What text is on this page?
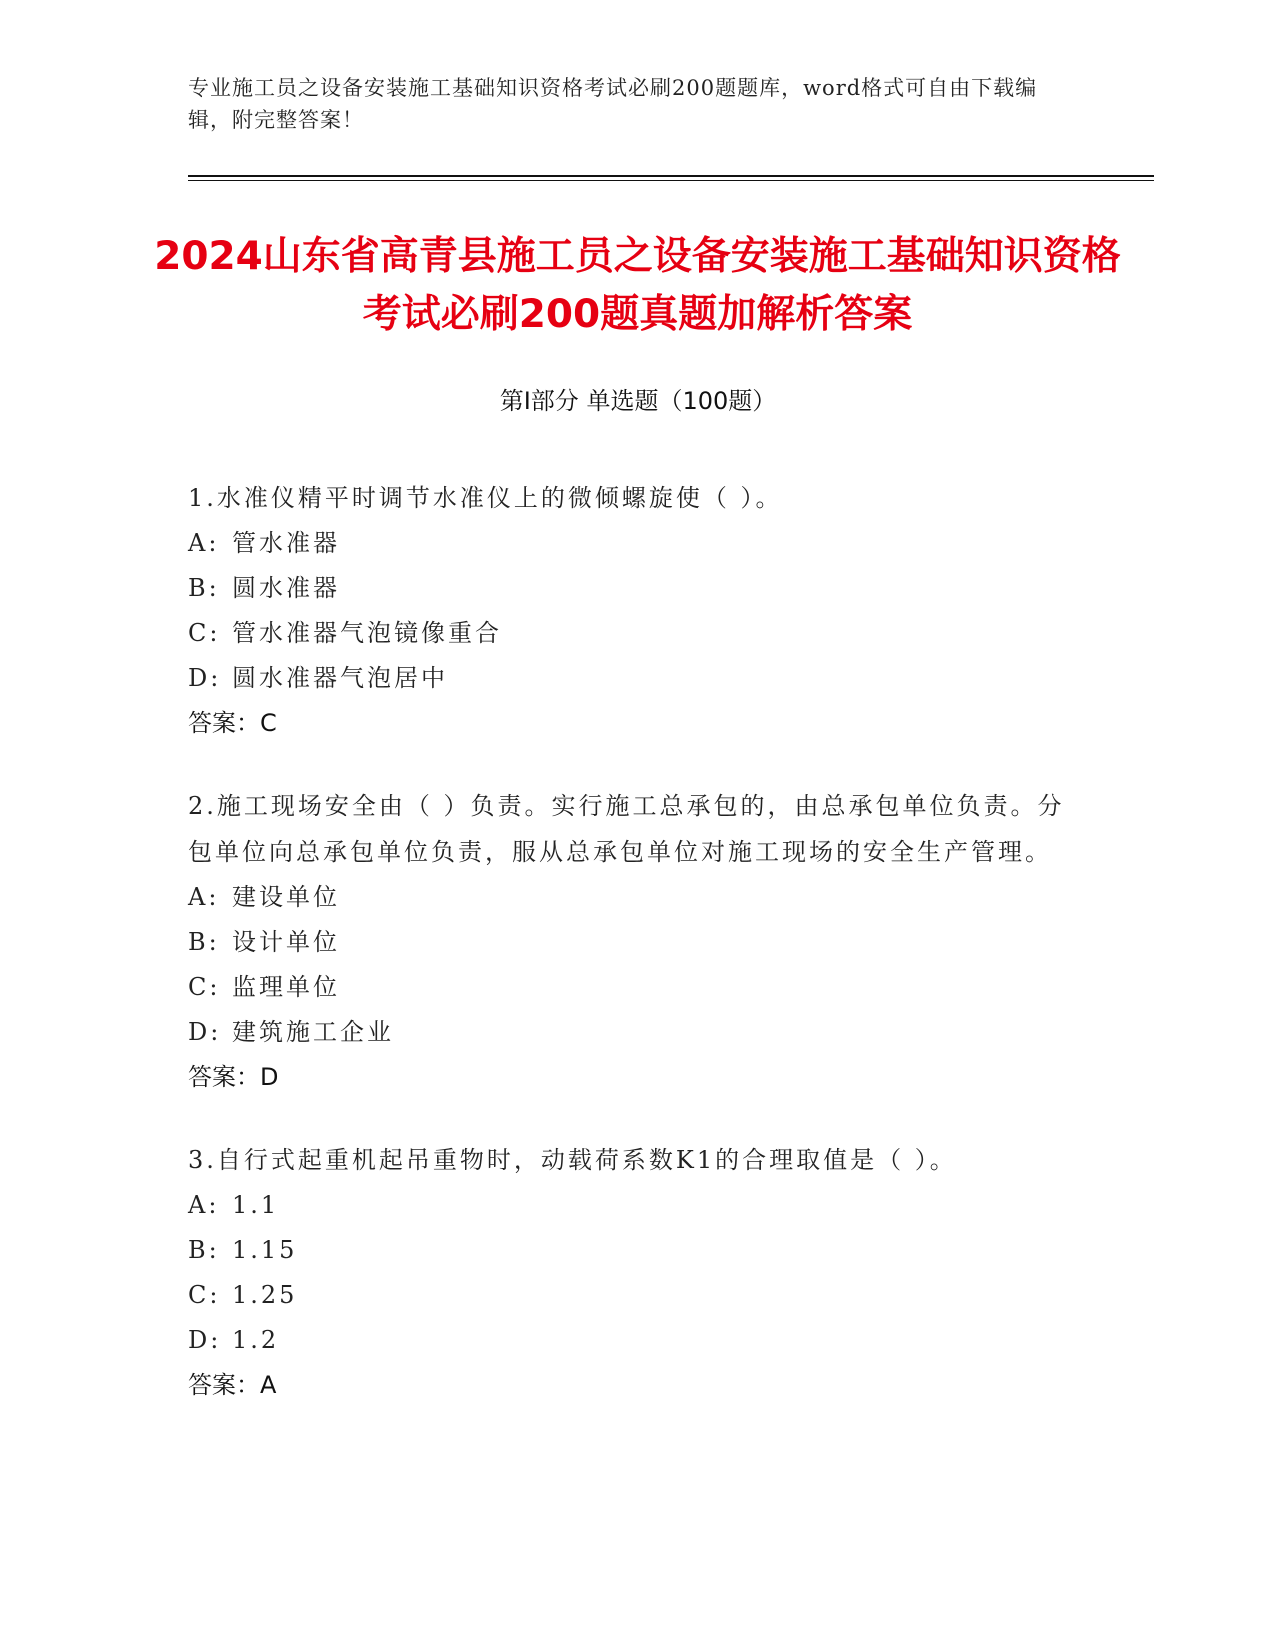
专业施工员之设备安装施工基础知识资格考试必刷200题题库，word格式可自由下载编辑，附完整答案！
2024山东省高青县施工员之设备安装施工基础知识资格考试必刷200题真题加解析答案
第Ⅰ部分 单选题（100题）

1.水准仪精平时调节水准仪上的微倾螺旋使（ ）。

A: 管水准器

B: 圆水准器

C: 管水准器气泡镜像重合

D: 圆水准器气泡居中

答案：C

2.施工现场安全由（ ）负责。实行施工总承包的，由总承包单位负责。分包单位向总承包单位负责，服从总承包单位对施工现场的安全生产管理。

A: 建设单位

B: 设计单位

C: 监理单位

D: 建筑施工企业

答案：D

3.自行式起重机起吊重物时，动载荷系数K1的合理取值是（ ）。

A: 1.1

B: 1.15

C: 1.25

D: 1.2

答案：A
